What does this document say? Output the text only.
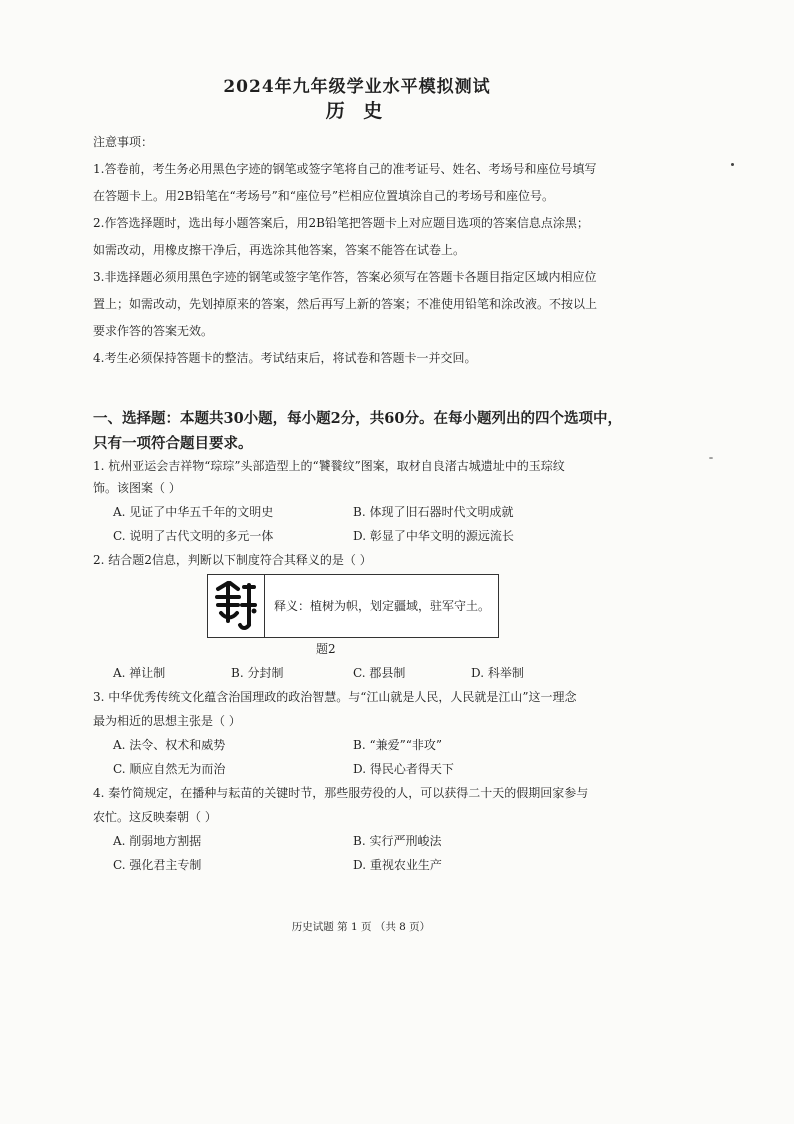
2024年九年级学业水平模拟测试
历 史
注意事项：
1.答卷前，考生务必用黑色字迹的钢笔或签字笔将自己的准考证号、姓名、考场号和座位号填写
在答题卡上。用2B铅笔在“考场号”和“座位号”栏相应位置填涂自己的考场号和座位号。
2.作答选择题时，选出每小题答案后，用2B铅笔把答题卡上对应题目选项的答案信息点涂黑；
如需改动，用橡皮擦干净后，再选涂其他答案，答案不能答在试卷上。
3.非选择题必须用黑色字迹的钢笔或签字笔作答，答案必须写在答题卡各题目指定区域内相应位
置上；如需改动，先划掉原来的答案，然后再写上新的答案；不准使用铅笔和涂改液。不按以上
要求作答的答案无效。
4.考生必须保持答题卡的整洁。考试结束后，将试卷和答题卡一并交回。
一、选择题：本题共30小题，每小题2分，共60分。在每小题列出的四个选项中，
只有一项符合题目要求。
1. 杭州亚运会吉祥物“琮琮”头部造型上的“饕餮纹”图案，取材自良渚古城遗址中的玉琮纹
饰。该图案（ ）
A. 见证了中华五千年的文明史	B. 体现了旧石器时代文明成就
C. 说明了古代文明的多元一体	D. 彰显了中华文明的源远流长
2. 结合题2信息，判断以下制度符合其释义的是（ ）
释义：植树为帜，划定疆域，驻军守土。
题2
A. 禅让制	B. 分封制	C. 郡县制	D. 科举制
3. 中华优秀传统文化蕴含治国理政的政治智慧。与“江山就是人民，人民就是江山”这一理念
最为相近的思想主张是（ ）
A. 法令、权术和威势	B. “兼爱”“非攻”
C. 顺应自然无为而治	D. 得民心者得天下
4. 秦竹简规定，在播种与耘苗的关键时节，那些服劳役的人，可以获得二十天的假期回家参与
农忙。这反映秦朝（ ）
A. 削弱地方割据	B. 实行严刑峻法
C. 强化君主专制	D. 重视农业生产
历史试题 第 1 页 （共 8 页）
